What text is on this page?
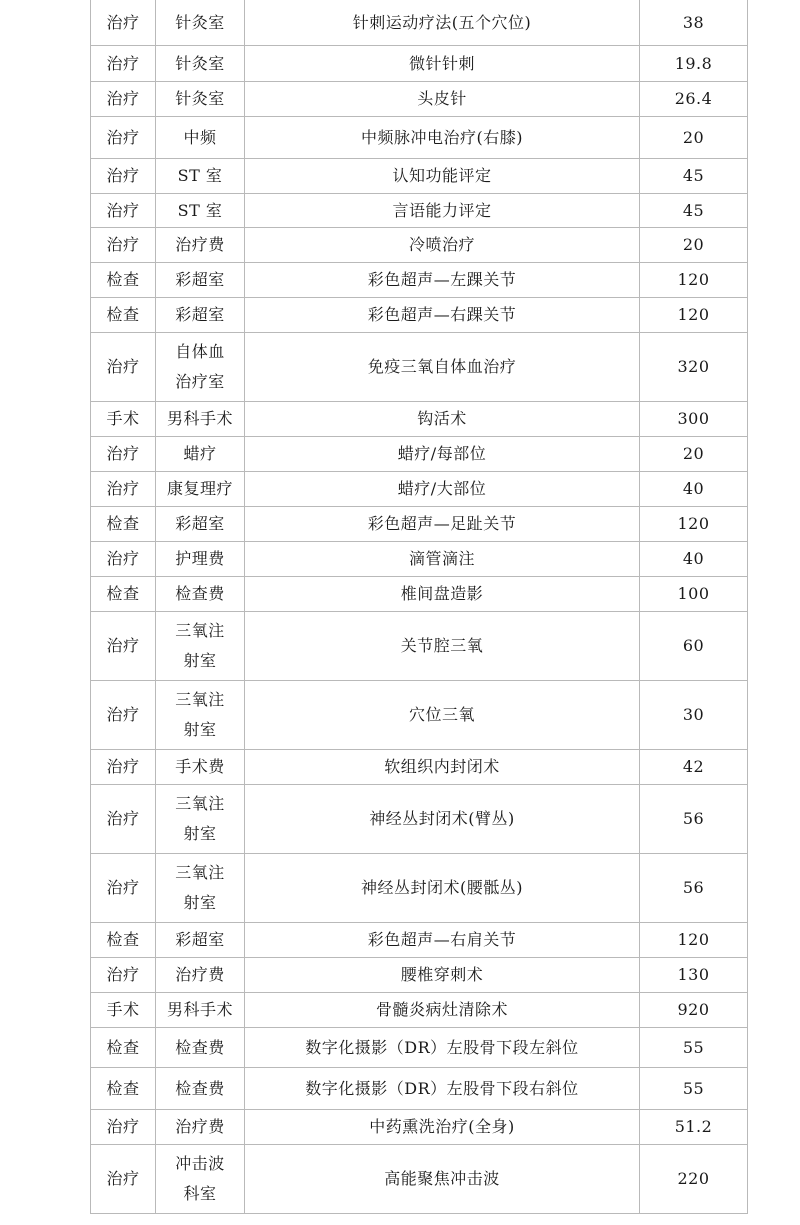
治疗	针灸室	针刺运动疗法(五个穴位)	38
治疗	针灸室	微针针刺	19.8
治疗	针灸室	头皮针	26.4
治疗	中频	中频脉冲电治疗(右膝)	20
治疗	ST 室	认知功能评定	45
治疗	ST 室	言语能力评定	45
治疗	治疗费	冷喷治疗	20
检查	彩超室	彩色超声—左踝关节	120
检查	彩超室	彩色超声—右踝关节	120
治疗	自体血治疗室	免疫三氧自体血治疗	320
手术	男科手术	钩活术	300
治疗	蜡疗	蜡疗/每部位	20
治疗	康复理疗	蜡疗/大部位	40
检查	彩超室	彩色超声—足趾关节	120
治疗	护理费	滴管滴注	40
检查	检查费	椎间盘造影	100
治疗	三氧注射室	关节腔三氧	60
治疗	三氧注射室	穴位三氧	30
治疗	手术费	软组织内封闭术	42
治疗	三氧注射室	神经丛封闭术(臂丛)	56
治疗	三氧注射室	神经丛封闭术(腰骶丛)	56
检查	彩超室	彩色超声—右肩关节	120
治疗	治疗费	腰椎穿刺术	130
手术	男科手术	骨髓炎病灶清除术	920
检查	检查费	数字化摄影（DR）左股骨下段左斜位	55
检查	检查费	数字化摄影（DR）左股骨下段右斜位	55
治疗	治疗费	中药熏洗治疗(全身)	51.2
治疗	冲击波科室	高能聚焦冲击波	220
